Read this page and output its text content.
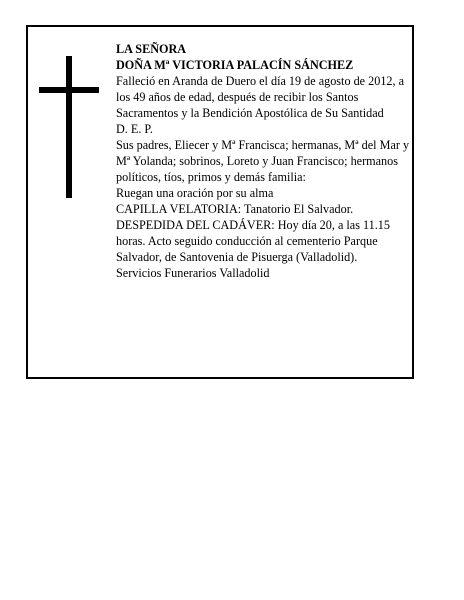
LA SEÑORA

DOÑA Mª VICTORIA PALACÍN SÁNCHEZ

Falleció en Aranda de Duero el día 19 de agosto de 2012, a los 49 años de edad, después de recibir los Santos Sacramentos y la Bendición Apostólica de Su Santidad

D. E. P.

Sus padres, Eliecer y Mª Francisca; hermanas, Mª del Mar y Mª Yolanda; sobrinos, Loreto y Juan Francisco; hermanos políticos, tíos, primos y demás familia:

Ruegan una oración por su alma

CAPILLA VELATORIA: Tanatorio El Salvador.

DESPEDIDA DEL CADÁVER: Hoy día 20, a las 11.15 horas. Acto seguido conducción al cementerio Parque Salvador, de Santovenia de Pisuerga (Valladolid).

Servicios Funerarios Valladolid
